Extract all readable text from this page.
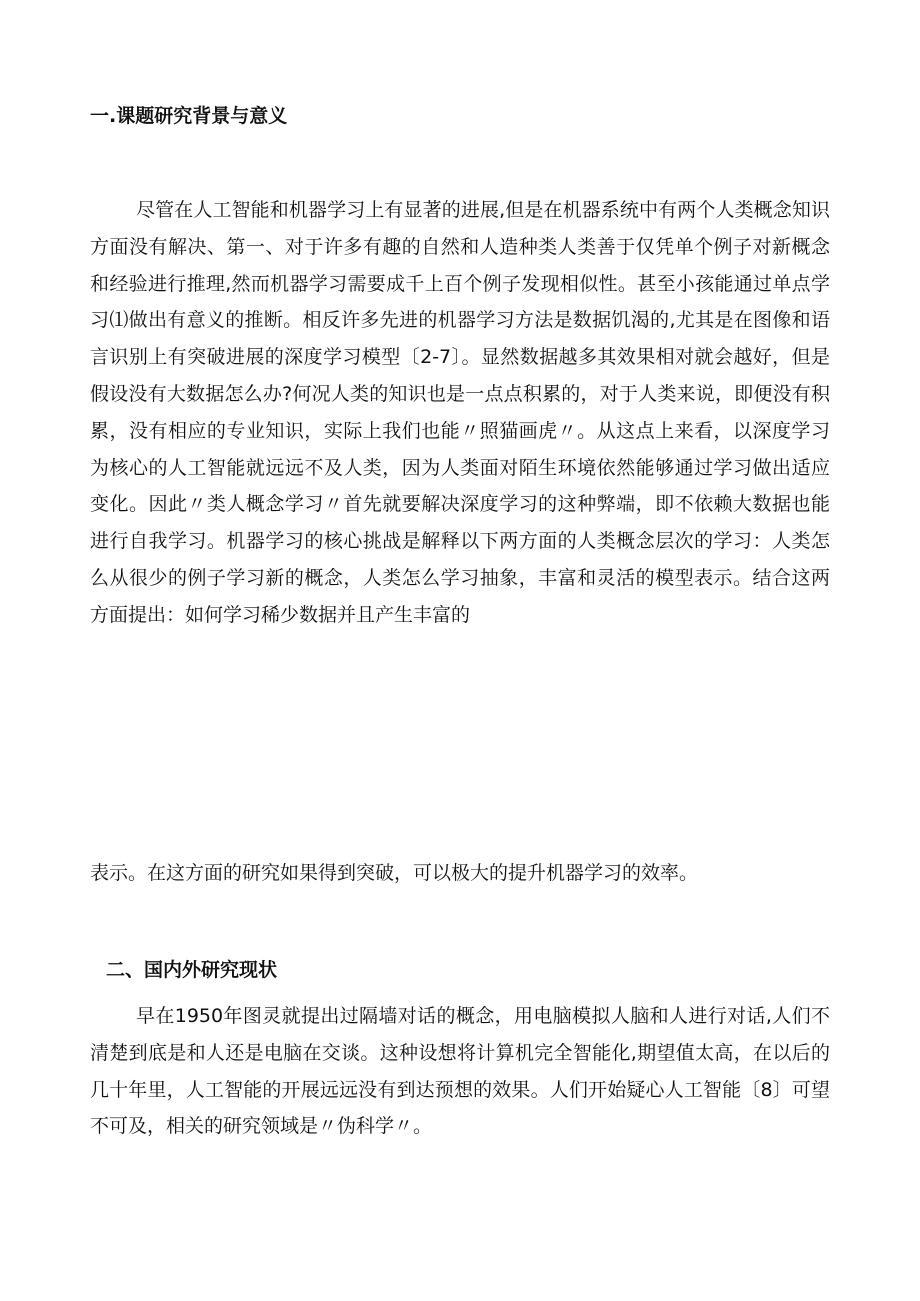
一.课题研究背景与意义

尽管在人工智能和机器学习上有显著的进展,但是在机器系统中有两个人类概念知识方面没有解决、第一、对于许多有趣的自然和人造种类人类善于仅凭单个例子对新概念和经验进行推理,然而机器学习需要成千上百个例子发现相似性。甚至小孩能通过单点学习⑴做出有意义的推断。相反许多先进的机器学习方法是数据饥渴的,尤其是在图像和语言识别上有突破进展的深度学习模型〔2-7〕。显然数据越多其效果相对就会越好，但是假设没有大数据怎么办?何况人类的知识也是一点点积累的，对于人类来说，即便没有积累，没有相应的专业知识，实际上我们也能〃照猫画虎〃。从这点上来看，以深度学习为核心的人工智能就远远不及人类，因为人类面对陌生环境依然能够通过学习做出适应变化。因此〃类人概念学习〃首先就要解决深度学习的这种弊端，即不依赖大数据也能进行自我学习。机器学习的核心挑战是解释以下两方面的人类概念层次的学习：人类怎么从很少的例子学习新的概念，人类怎么学习抽象，丰富和灵活的模型表示。结合这两方面提出：如何学习稀少数据并且产生丰富的

表示。在这方面的研究如果得到突破，可以极大的提升机器学习的效率。

二、国内外研究现状

早在1950年图灵就提出过隔墙对话的概念，用电脑模拟人脑和人进行对话,人们不清楚到底是和人还是电脑在交谈。这种设想将计算机完全智能化,期望值太高，在以后的几十年里，人工智能的开展远远没有到达预想的效果。人们开始疑心人工智能〔8〕可望不可及，相关的研究领域是〃伪科学〃。
